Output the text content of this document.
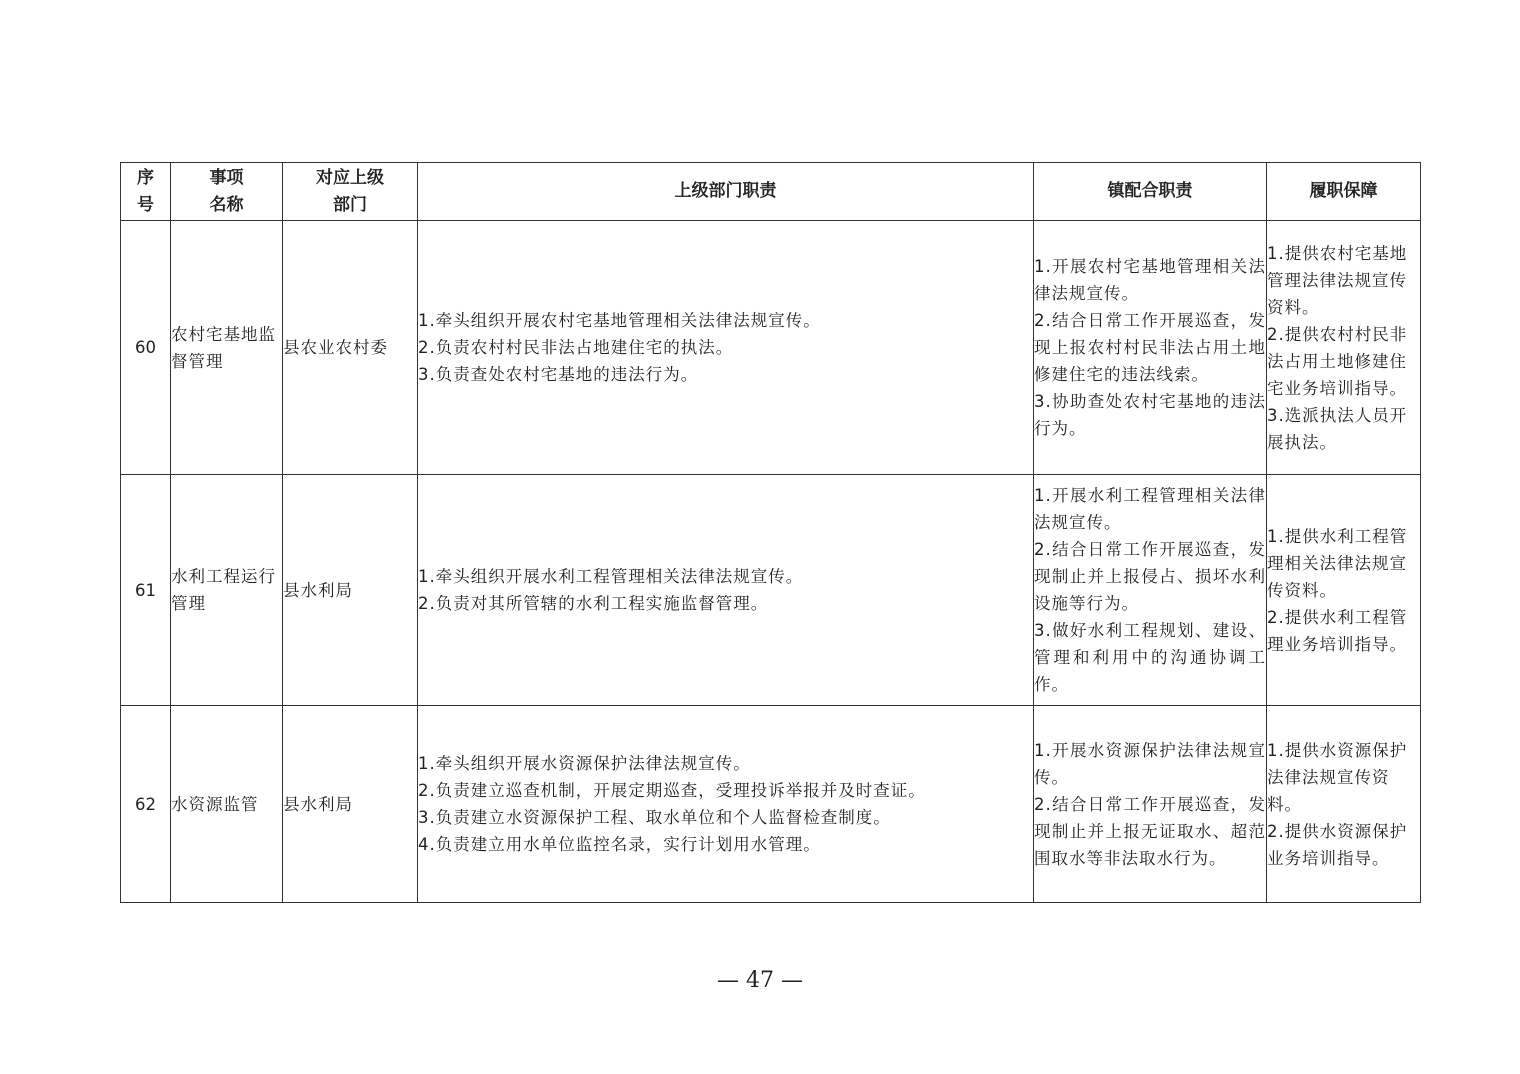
序
号	事项
名称	对应上级
部门	上级部门职责	镇配合职责	履职保障
60	农村宅基地监督管理	县农业农村委	1.牵头组织开展农村宅基地管理相关法律法规宣传。
2.负责农村村民非法占地建住宅的执法。
3.负责查处农村宅基地的违法行为。	1.开展农村宅基地管理相关法律法规宣传。
2.结合日常工作开展巡查，发现上报农村村民非法占用土地修建住宅的违法线索。
3.协助查处农村宅基地的违法行为。	1.提供农村宅基地管理法律法规宣传资料。
2.提供农村村民非法占用土地修建住宅业务培训指导。
3.选派执法人员开展执法。

61	水利工程运行管理	县水利局	1.牵头组织开展水利工程管理相关法律法规宣传。
2.负责对其所管辖的水利工程实施监督管理。	1.开展水利工程管理相关法律法规宣传。
2.结合日常工作开展巡查，发现制止并上报侵占、损坏水利设施等行为。
3.做好水利工程规划、建设、管理和利用中的沟通协调工作。	1.提供水利工程管理相关法律法规宣传资料。
2.提供水利工程管理业务培训指导。

62	水资源监管	县水利局	1.牵头组织开展水资源保护法律法规宣传。
2.负责建立巡查机制，开展定期巡查，受理投诉举报并及时查证。
3.负责建立水资源保护工程、取水单位和个人监督检查制度。
4.负责建立用水单位监控名录，实行计划用水管理。	1.开展水资源保护法律法规宣传。
2.结合日常工作开展巡查，发现制止并上报无证取水、超范围取水等非法取水行为。	1.提供水资源保护法律法规宣传资料。
2.提供水资源保护业务培训指导。
— 47 —
